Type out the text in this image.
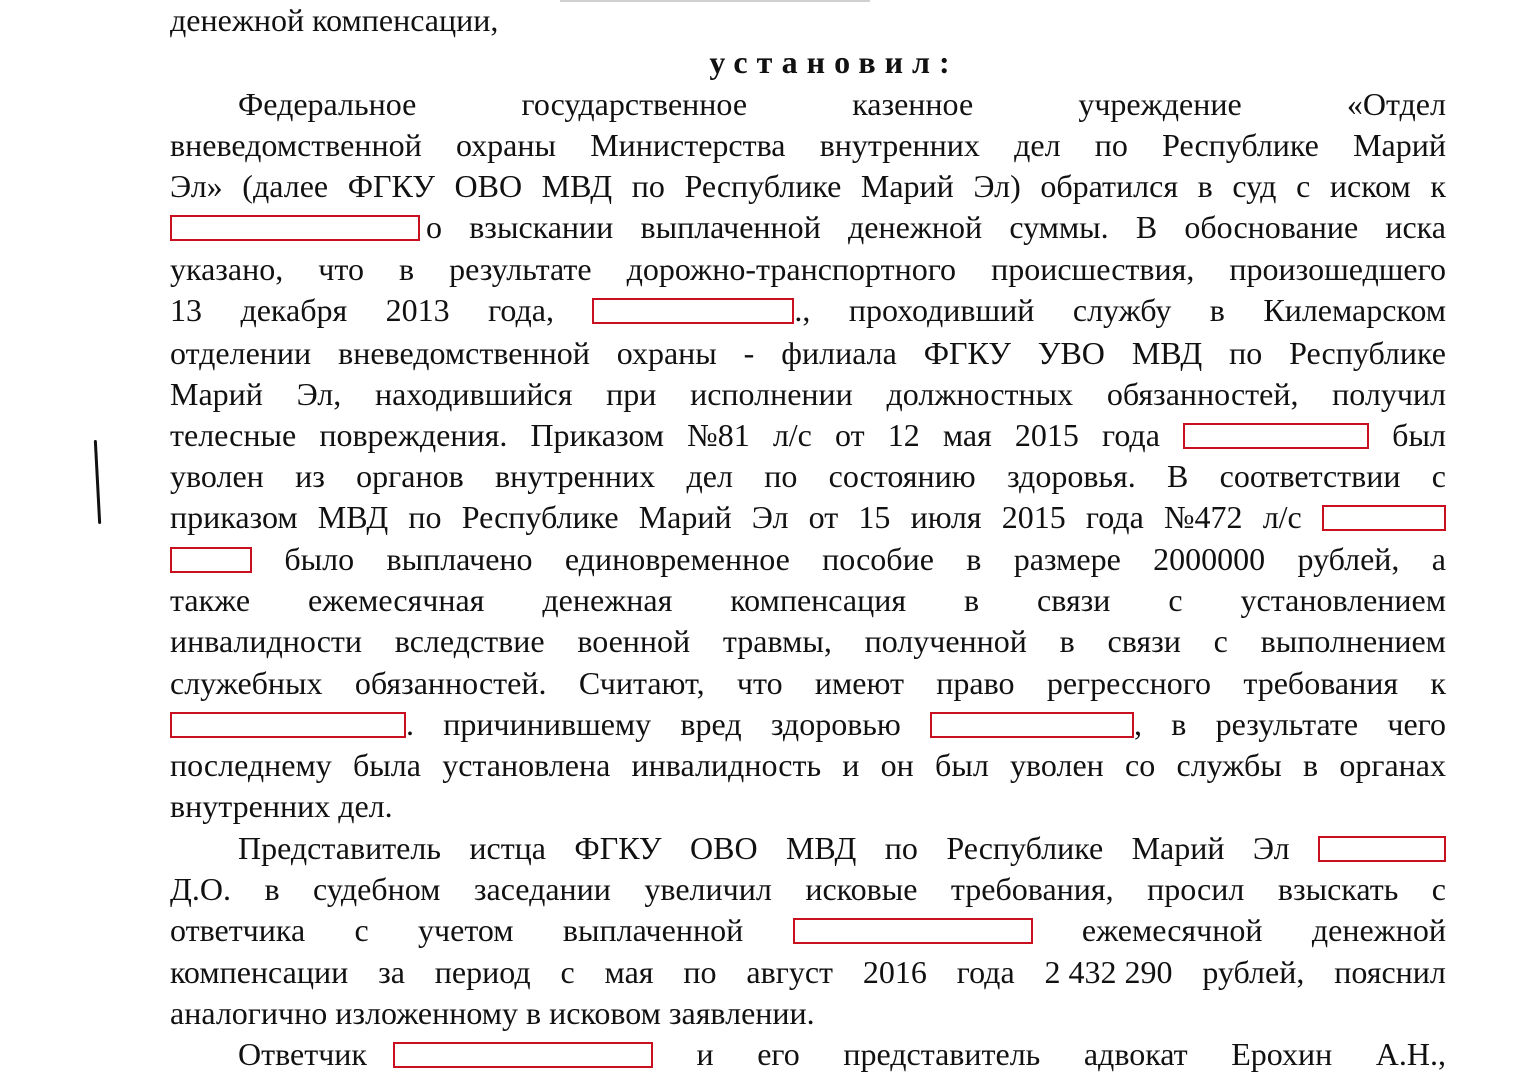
денежной компенсации,
установил:
Федеральное	государственное	казенное	учреждение	«Отдел
вневедомственной охраны Министерства внутренних дел по Республике Марий
Эл» (далее ФГКУ ОВО МВД по Республике Марий Эл) обратился в суд с иском к
о взыскании выплаченной денежной суммы. В обоснование иска
указано, что в результате дорожно-транспортного происшествия, произошедшего
13 декабря 2013 года,	., проходивший службу в Килемарском
отделении вневедомственной охраны - филиала ФГКУ УВО МВД по Республике
Марий Эл, находившийся при исполнении должностных обязанностей, получил
телесные повреждения. Приказом №81 л/с от 12 мая 2015 года	был
уволен из органов внутренних дел по состоянию здоровья. В соответствии с
приказом МВД по Республике Марий Эл от 15 июля 2015 года №472 л/с
было выплачено единовременное пособие в размере 2000000 рублей, а
также ежемесячная денежная компенсация в связи с установлением
инвалидности вследствие военной травмы, полученной в связи с выполнением
служебных обязанностей. Считают, что имеют право регрессного требования к
. причинившему вред здоровью	, в результате чего
последнему была установлена инвалидность и он был уволен со службы в органах
внутренних дел.
Представитель истца ФГКУ ОВО МВД по Республике Марий Эл
Д.О. в судебном заседании увеличил исковые требования, просил взыскать с
ответчика с учетом выплаченной	ежемесячной денежной
компенсации за период с мая по август 2016 года 2 432 290 рублей, пояснил
аналогично изложенному в исковом заявлении.
Ответчик	и его представитель адвокат Ерохин А.Н.,
